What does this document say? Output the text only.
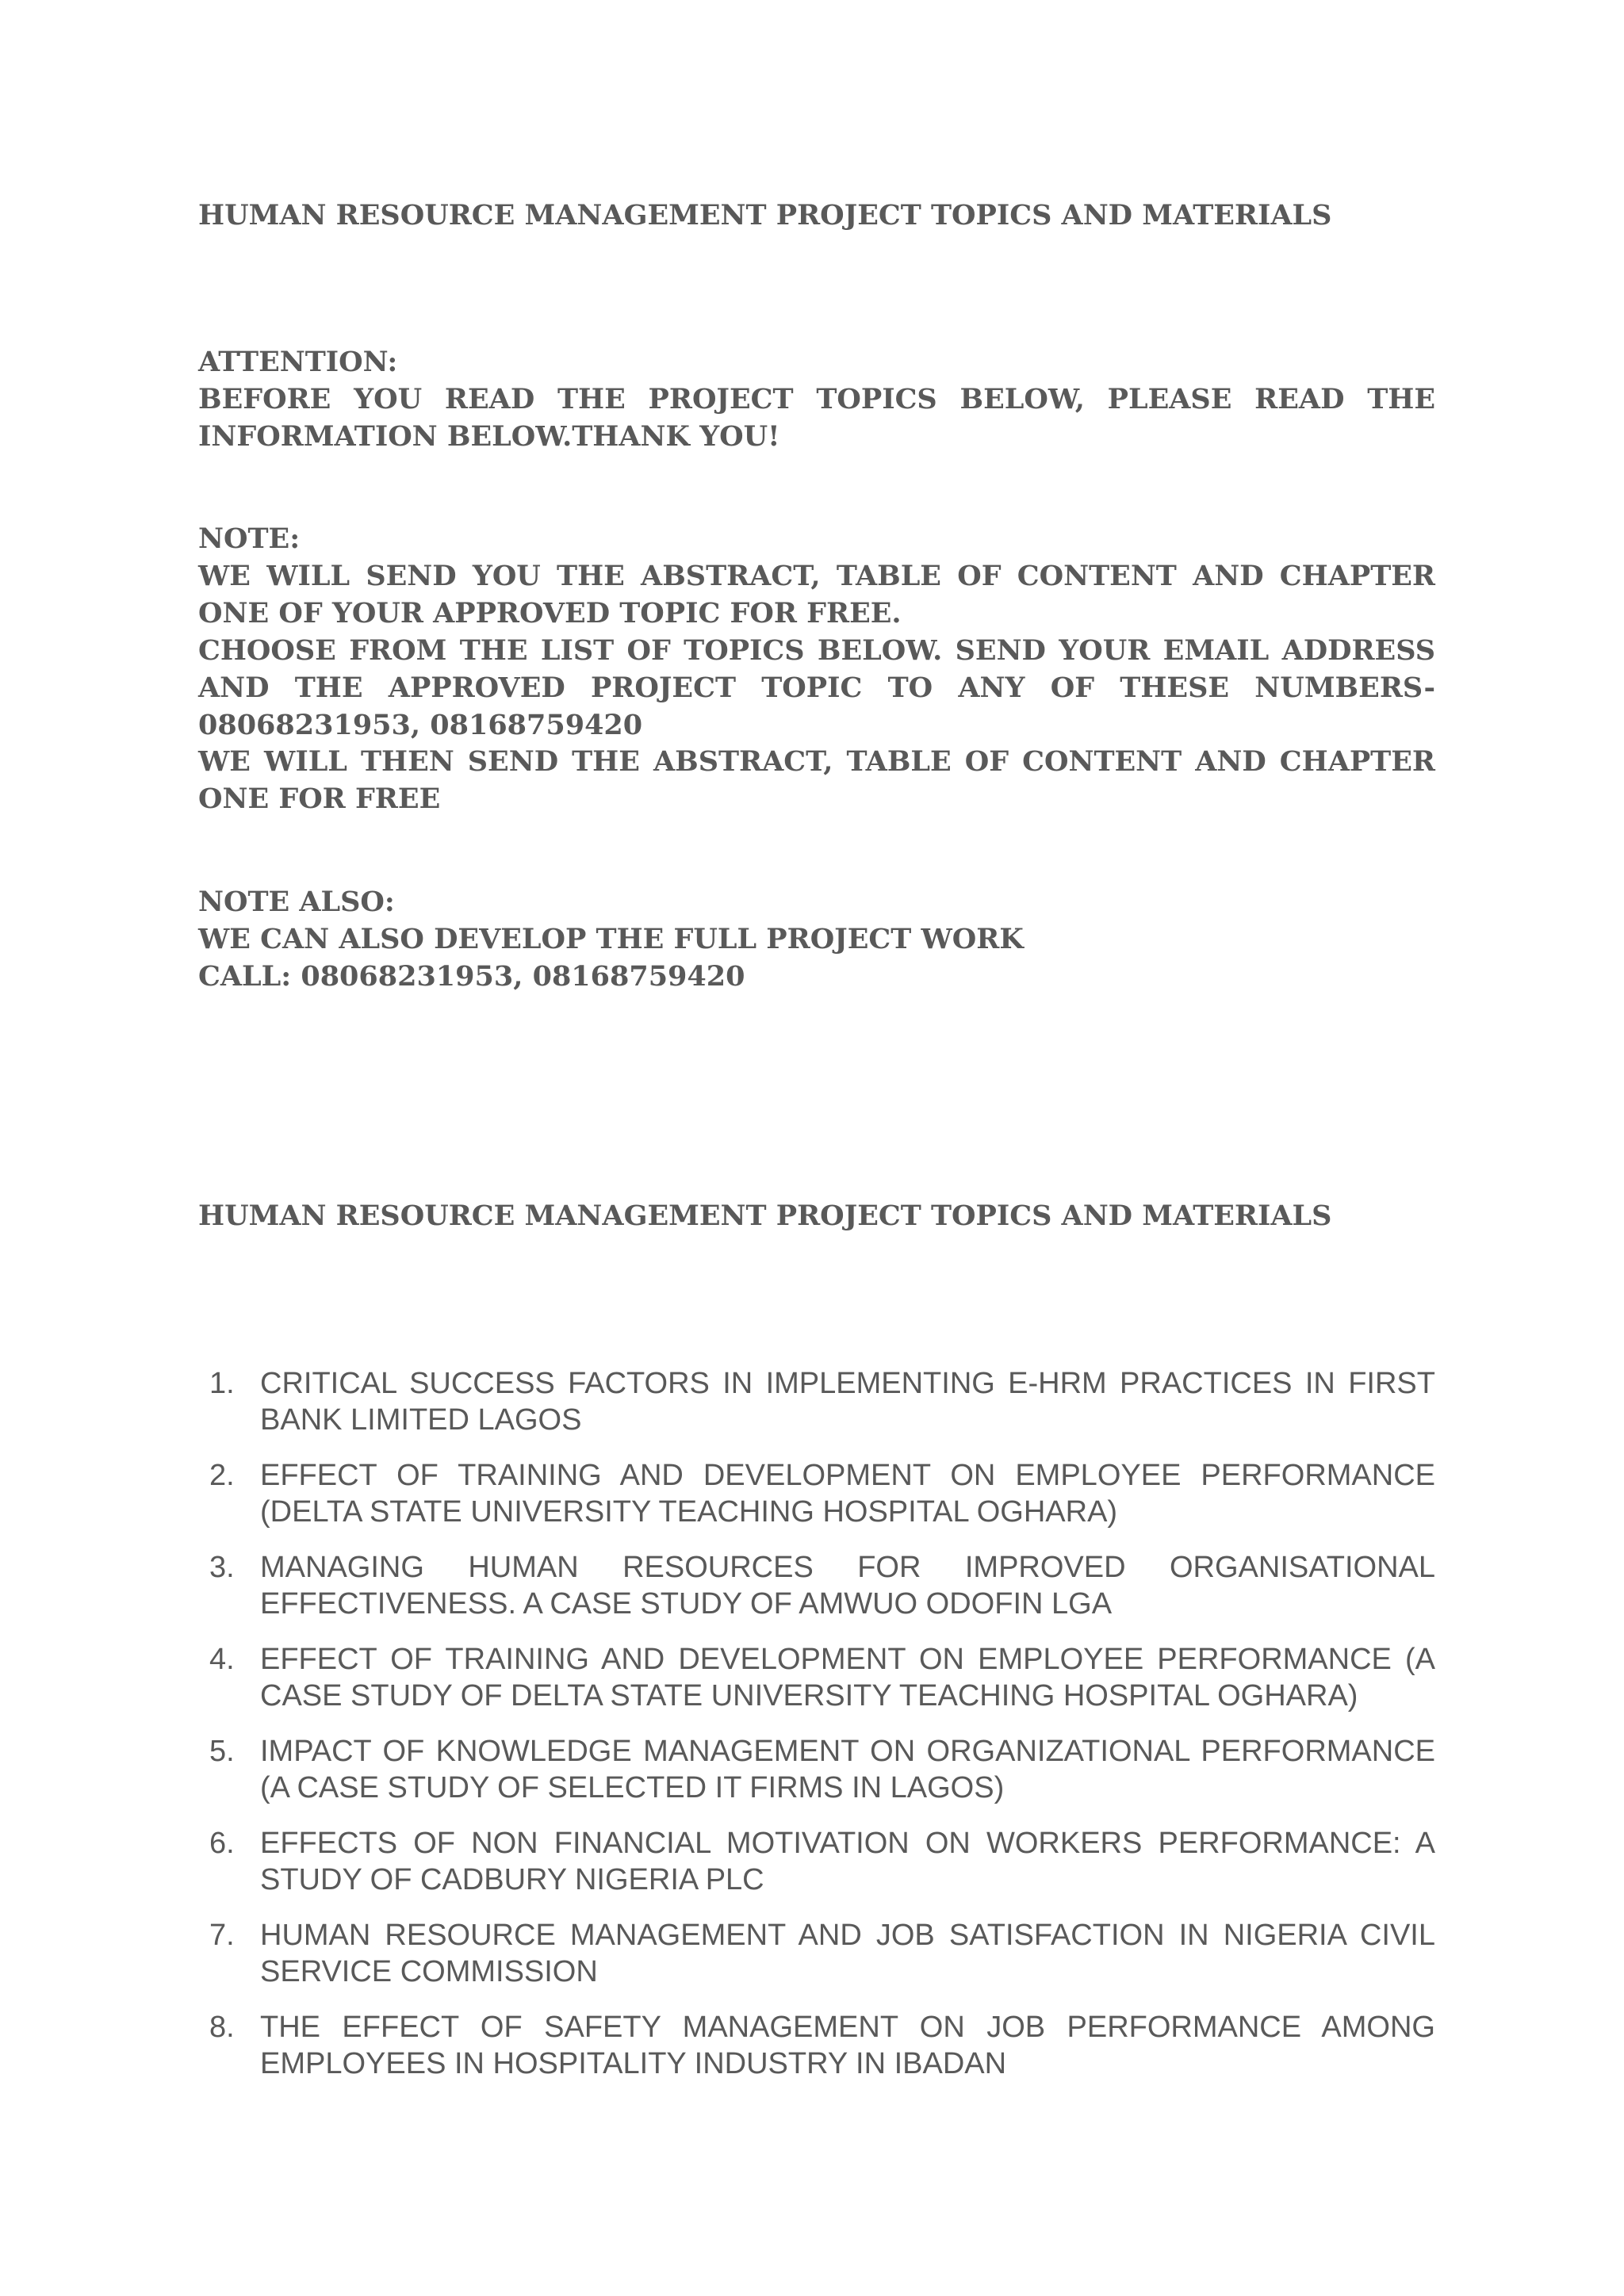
HUMAN RESOURCE MANAGEMENT PROJECT TOPICS AND MATERIALS

ATTENTION:

BEFORE YOU READ THE PROJECT TOPICS BELOW, PLEASE READ THE INFORMATION BELOW.THANK YOU!

NOTE:

WE WILL SEND YOU THE ABSTRACT, TABLE OF CONTENT AND CHAPTER ONE OF YOUR APPROVED TOPIC FOR FREE.

CHOOSE FROM THE LIST OF TOPICS BELOW. SEND YOUR EMAIL ADDRESS AND THE APPROVED PROJECT TOPIC TO ANY OF THESE NUMBERS-08068231953, 08168759420

WE WILL THEN SEND THE ABSTRACT, TABLE OF CONTENT AND CHAPTER ONE FOR FREE

NOTE ALSO:

WE CAN ALSO DEVELOP THE FULL PROJECT WORK

CALL: 08068231953, 08168759420

HUMAN RESOURCE MANAGEMENT PROJECT TOPICS AND MATERIALS

1. CRITICAL SUCCESS FACTORS IN IMPLEMENTING E-HRM PRACTICES IN FIRST BANK LIMITED LAGOS
2. EFFECT OF TRAINING AND DEVELOPMENT ON EMPLOYEE PERFORMANCE (DELTA STATE UNIVERSITY TEACHING HOSPITAL OGHARA)
3. MANAGING HUMAN RESOURCES FOR IMPROVED ORGANISATIONAL EFFECTIVENESS. A CASE STUDY OF AMWUO ODOFIN LGA
4. EFFECT OF TRAINING AND DEVELOPMENT ON EMPLOYEE PERFORMANCE (A CASE STUDY OF DELTA STATE UNIVERSITY TEACHING HOSPITAL OGHARA)
5. IMPACT OF KNOWLEDGE MANAGEMENT ON ORGANIZATIONAL PERFORMANCE (A CASE STUDY OF SELECTED IT FIRMS IN LAGOS)
6. EFFECTS OF NON FINANCIAL MOTIVATION ON WORKERS PERFORMANCE: A STUDY OF CADBURY NIGERIA PLC
7. HUMAN RESOURCE MANAGEMENT AND JOB SATISFACTION IN NIGERIA CIVIL SERVICE COMMISSION
8. THE EFFECT OF SAFETY MANAGEMENT ON JOB PERFORMANCE AMONG EMPLOYEES IN HOSPITALITY INDUSTRY IN IBADAN
